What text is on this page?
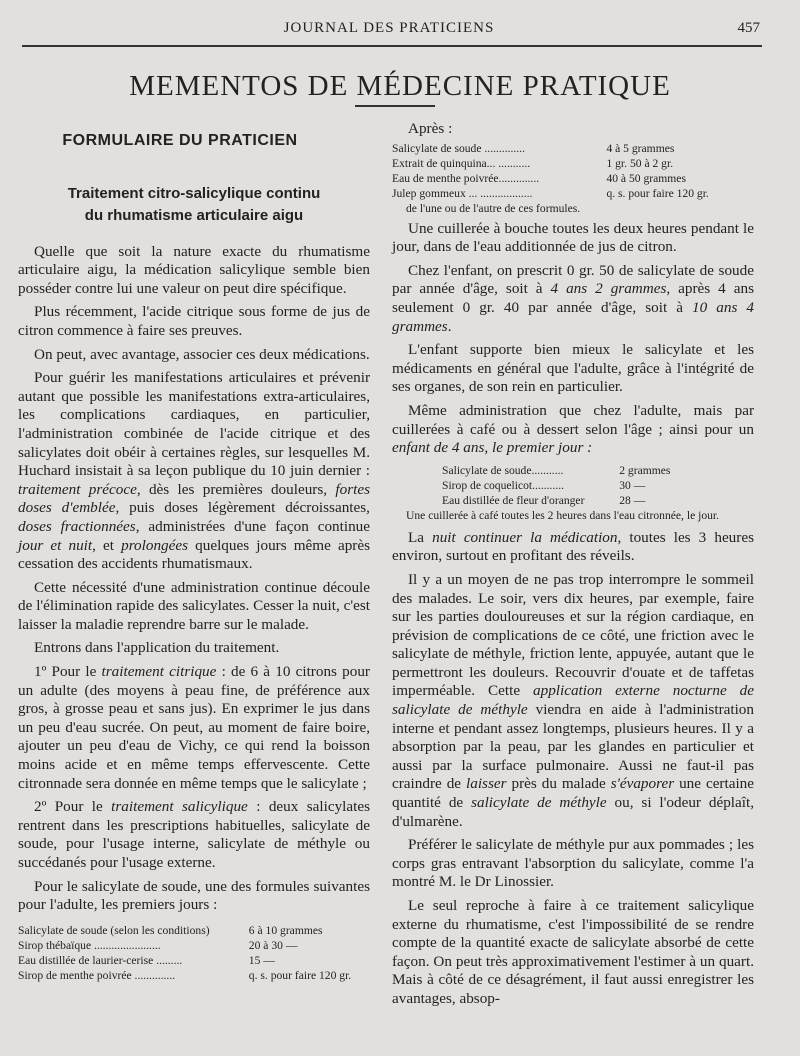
JOURNAL DES PRATICIENS	457
MEMENTOS DE MÉDECINE PRATIQUE
FORMULAIRE DU PRATICIEN
Traitement citro-salicylique continu
du rhumatisme articulaire aigu

Quelle que soit la nature exacte du rhumatisme articulaire aigu, la médication salicylique semble bien posséder contre lui une valeur on peut dire spécifique.

Plus récemment, l'acide citrique sous forme de jus de citron commence à faire ses preuves.

On peut, avec avantage, associer ces deux médications.

Pour guérir les manifestations articulaires et prévenir autant que possible les manifestations extra-articulaires, les complications cardiaques, en particulier, l'administration combinée de l'acide citrique et des salicylates doit obéir à certaines règles, sur lesquelles M. Huchard insistait à sa leçon publique du 10 juin dernier : traitement précoce, dès les premières douleurs, fortes doses d'emblée, puis doses légèrement décroissantes, doses fractionnées, administrées d'une façon continue jour et nuit, et prolongées quelques jours même après cessation des accidents rhumatismaux.

Cette nécessité d'une administration continue découle de l'élimination rapide des salicylates. Cesser la nuit, c'est laisser la maladie reprendre barre sur le malade.

Entrons dans l'application du traitement.

1º Pour le traitement citrique : de 6 à 10 citrons pour un adulte (des moyens à peau fine, de préférence aux gros, à grosse peau et sans jus). En exprimer le jus dans un peu d'eau sucrée. On peut, au moment de faire boire, ajouter un peu d'eau de Vichy, ce qui rend la boisson moins acide et en même temps effervescente. Cette citronnade sera donnée en même temps que le salicylate ;

2º Pour le traitement salicylique : deux salicylates rentrent dans les prescriptions habituelles, salicylate de soude, pour l'usage interne, salicylate de méthyle ou succédanés pour l'usage externe.

Pour le salicylate de soude, une des formules suivantes pour l'adulte, les premiers jours :

Salicylate de soude (selon les conditions)	6 à 10 grammes
Sirop thébaïque .......................	20 à 30 —
Eau distillée de laurier-cerise .........	15 —
Sirop de menthe poivrée ..............	q. s. pour faire 120 gr.

Après :

Salicylate de soude ..............	4 à 5 grammes
Extrait de quinquina... ...........	1 gr. 50 à 2 gr.
Eau de menthe poivrée..............	40 à 50 grammes
Julep gommeux ... ..................	q. s. pour faire 120 gr.
de l'une ou de l'autre de ces formules.

Une cuillerée à bouche toutes les deux heures pendant le jour, dans de l'eau additionnée de jus de citron.

Chez l'enfant, on prescrit 0 gr. 50 de salicylate de soude par année d'âge, soit à 4 ans 2 grammes, après 4 ans seulement 0 gr. 40 par année d'âge, soit à 10 ans 4 grammes.

L'enfant supporte bien mieux le salicylate et les médicaments en général que l'adulte, grâce à l'intégrité de ses organes, de son rein en particulier.

Même administration que chez l'adulte, mais par cuillerées à café ou à dessert selon l'âge ; ainsi pour un enfant de 4 ans, le premier jour :

Salicylate de soude...........	2 grammes
Sirop de coquelicot...........	30 —
Eau distillée de fleur d'oranger	28 —
Une cuillerée à café toutes les 2 heures dans l'eau citronnée, le jour.

La nuit continuer la médication, toutes les 3 heures environ, surtout en profitant des réveils.

Il y a un moyen de ne pas trop interrompre le sommeil des malades. Le soir, vers dix heures, par exemple, faire sur les parties douloureuses et sur la région cardiaque, en prévision de complications de ce côté, une friction avec le salicylate de méthyle, friction lente, appuyée, autant que le permettront les douleurs. Recouvrir d'ouate et de taffetas imperméable. Cette application externe nocturne de salicylate de méthyle viendra en aide à l'administration interne et pendant assez longtemps, plusieurs heures. Il y a absorption par la peau, par les glandes en particulier et aussi par la surface pulmonaire. Aussi ne faut-il pas craindre de laisser près du malade s'évaporer une certaine quantité de salicylate de méthyle ou, si l'odeur déplaît, d'ulmarène.

Préférer le salicylate de méthyle pur aux pommades ; les corps gras entravant l'absorption du salicylate, comme l'a montré M. le Dr Linossier.

Le seul reproche à faire à ce traitement salicylique externe du rhumatisme, c'est l'impossibilité de se rendre compte de la quantité exacte de salicylate absorbé de cette façon. On peut très approximativement l'estimer à un quart. Mais à côté de ce désagrément, il faut aussi enregistrer les avantages, absop-
